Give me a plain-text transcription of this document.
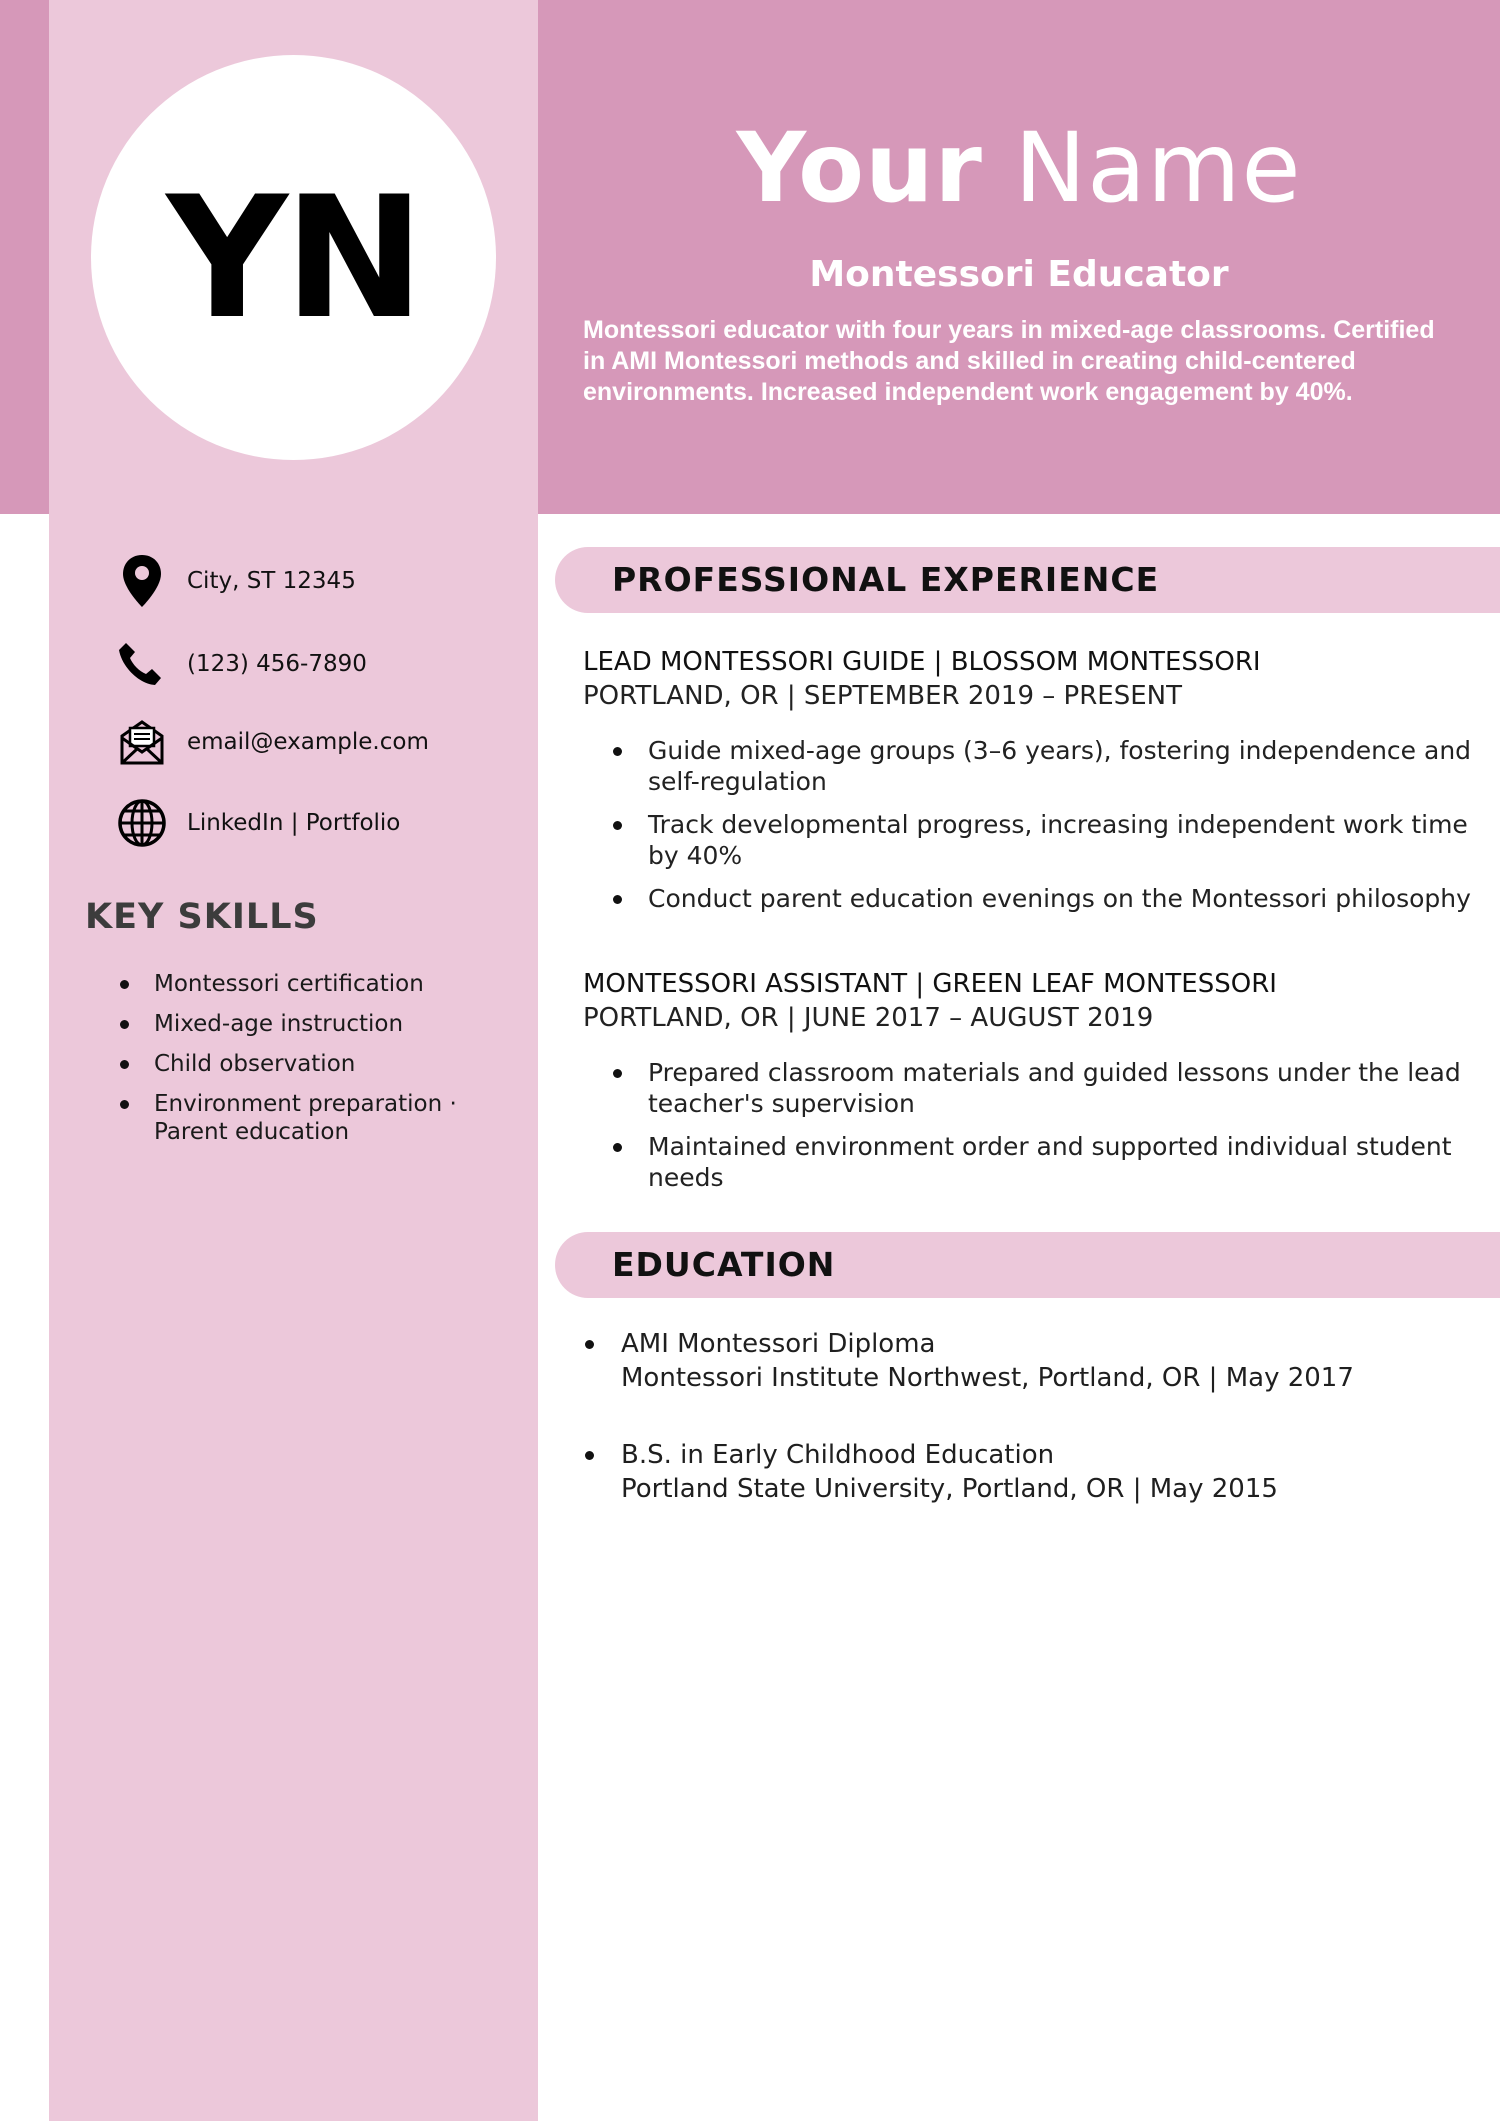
YN	Your Name
Montessori Educator
Montessori educator with four years in mixed-age classrooms. Certified in AMI Montessori methods and skilled in creating child-centered environments. Increased independent work engagement by 40%.
City, ST 12345
(123) 456-7890
email@example.com
LinkedIn | Portfolio
KEY SKILLS
Montessori certification
Mixed-age instruction
Child observation
Environment preparation · Parent education
PROFESSIONAL EXPERIENCE
LEAD MONTESSORI GUIDE | BLOSSOM MONTESSORI
PORTLAND, OR | SEPTEMBER 2019 – PRESENT
Guide mixed-age groups (3–6 years), fostering independence and self-regulation
Track developmental progress, increasing independent work time by 40%
Conduct parent education evenings on the Montessori philosophy
MONTESSORI ASSISTANT | GREEN LEAF MONTESSORI
PORTLAND, OR | JUNE 2017 – AUGUST 2019
Prepared classroom materials and guided lessons under the lead teacher's supervision
Maintained environment order and supported individual student needs
EDUCATION
AMI Montessori Diploma
Montessori Institute Northwest, Portland, OR | May 2017
B.S. in Early Childhood Education
Portland State University, Portland, OR | May 2015
